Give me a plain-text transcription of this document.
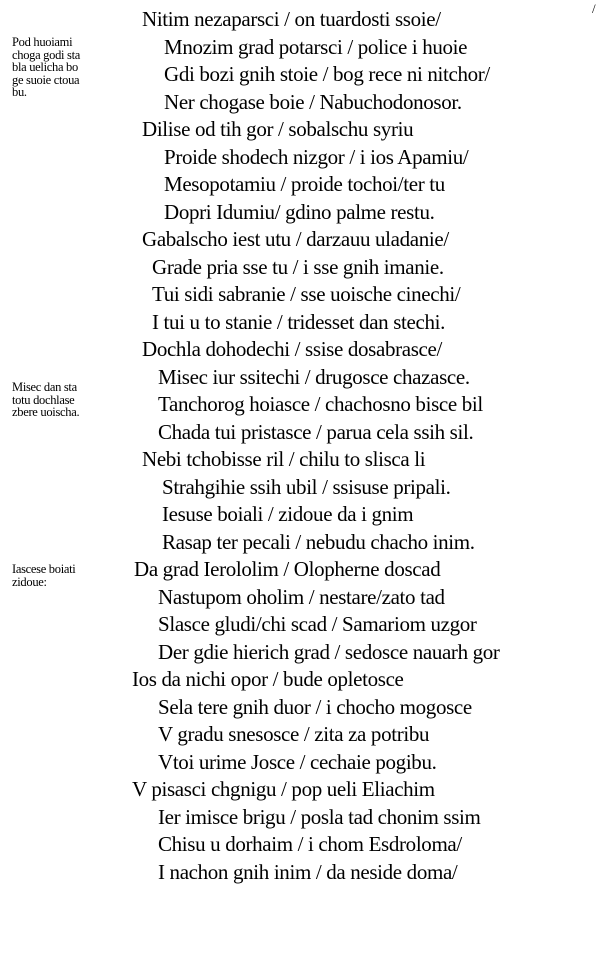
/
Pod huoiami
choga godi sta
bla uelicha bo
ge suoie ctoua
bu.
Misec dan sta
totu dochlase
zbere uoischa.
Iascese boiati
zidoue:
Nitim nezaparsci / on tuardosti ssoie/
Mnozim grad potarsci / police i huoie
Gdi bozi gnih stoie / bog rece ni nitchor/
Ner chogase boie / Nabuchodonosor.
Dilise od tih gor / sobalschu syriu
Proide shodech nizgor / i ios Apamiu/
Mesopotamiu / proide tochoi/ter tu
Dopri Idumiu/ gdino palme restu.
Gabalscho iest utu / darzauu uladanie/
Grade pria sse tu / i sse gnih imanie.
Tui sidi sabranie / sse uoische cinechi/
I tui u to stanie / tridesset dan stechi.
Dochla dohodechi / ssise dosabrasce/
Misec iur ssitechi / drugosce chazasce.
Tanchorog hoiasce / chachosno bisce bil
Chada tui pristasce / parua cela ssih sil.
Nebi tchobisse ril / chilu to slisca li
Strahgihie ssih ubil / ssisuse pripali.
Iesuse boiali / zidoue da i gnim
Rasap ter pecali / nebudu chacho inim.
Da grad Ierololim / Olopherne doscad
Nastupom oholim / nestare/zato tad
Slasce gludi/chi scad / Samariom uzgor
Der gdie hierich grad / sedosce nauarh gor
Ios da nichi opor / bude opletosce
Sela tere gnih duor / i chocho mogosce
V gradu snesosce / zita za potribu
Vtoi urime Josce / cechaie pogibu.
V pisasci chgnigu / pop ueli Eliachim
Ier imisce brigu / posla tad chonim ssim
Chisu u dorhaim / i chom Esdroloma/
I nachon gnih inim / da neside doma/
